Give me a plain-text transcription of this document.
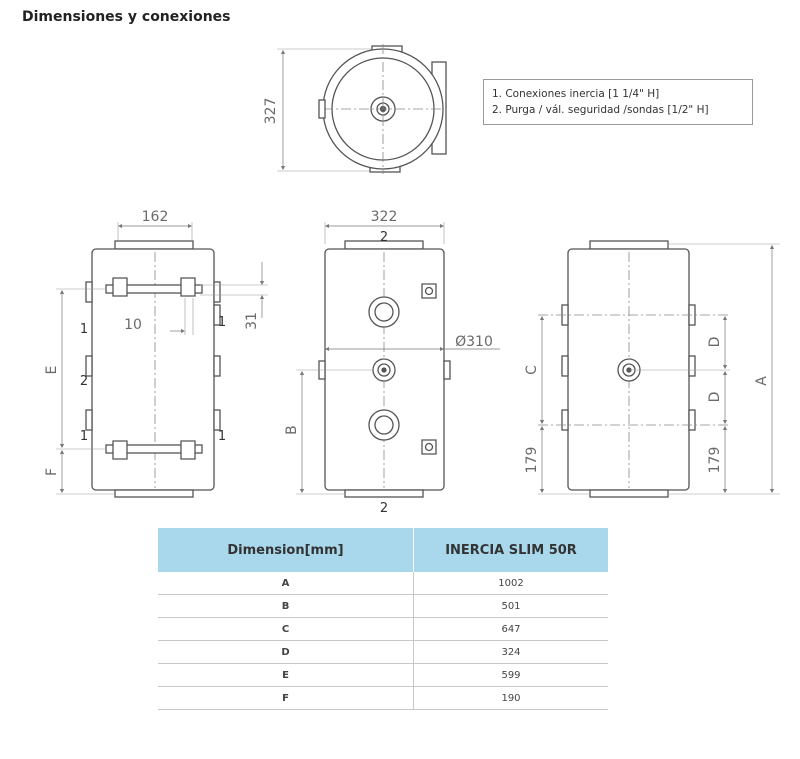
Dimensiones y conexiones
1. Conexiones inercia [1 1/4" H]
2. Purga / vál. seguridad /sondas [1/2" H]
327
162
10	31
E
F
1
2
1
1
1
322
Ø310
B
2
2
C
179
D
D
179
A
Dimension[mm]	INERCIA SLIM 50R
A	1002
B	501
C	647
D	324
E	599
F	190
